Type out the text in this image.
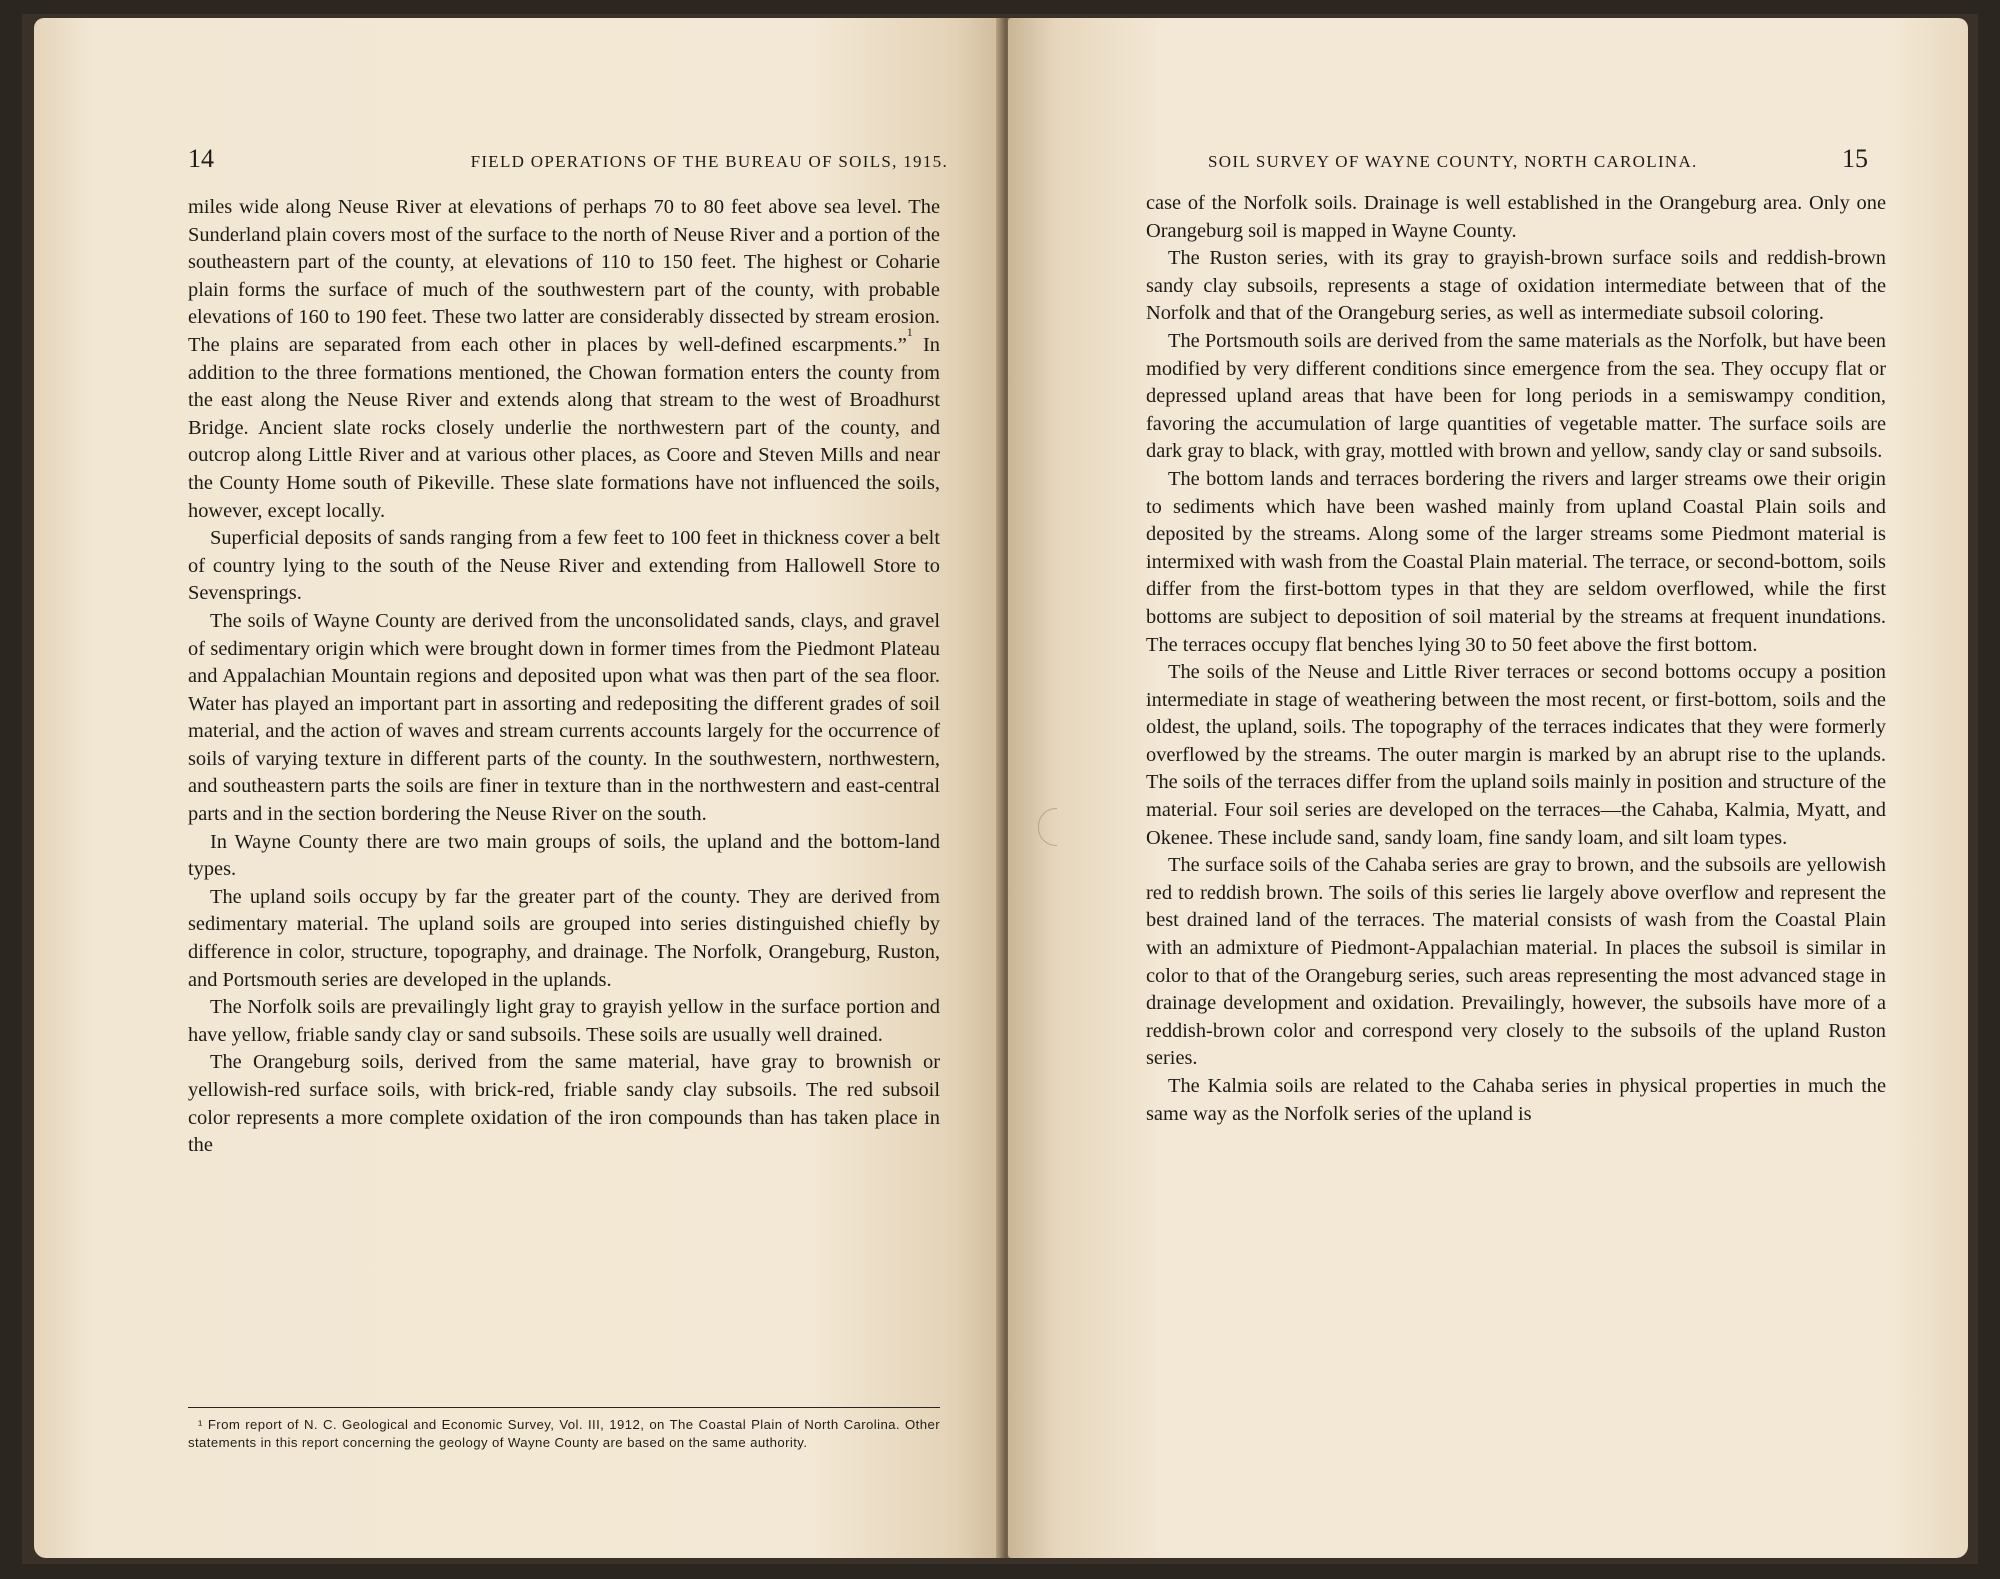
14	FIELD OPERATIONS OF THE BUREAU OF SOILS, 1915.

miles wide along Neuse River at elevations of perhaps 70 to 80 feet above sea level. The Sunderland plain covers most of the surface to the north of Neuse River and a portion of the southeastern part of the county, at elevations of 110 to 150 feet. The highest or Coharie plain forms the surface of much of the southwestern part of the county, with probable elevations of 160 to 190 feet. These two latter are considerably dissected by stream erosion. The plains are separated from each other in places by well-defined escarpments.”$^1$ In addition to the three formations mentioned, the Chowan formation enters the county from the east along the Neuse River and extends along that stream to the west of Broadhurst Bridge. Ancient slate rocks closely underlie the northwestern part of the county, and outcrop along Little River and at various other places, as Coore and Steven Mills and near the County Home south of Pikeville. These slate formations have not influenced the soils, however, except locally.

Superficial deposits of sands ranging from a few feet to 100 feet in thickness cover a belt of country lying to the south of the Neuse River and extending from Hallowell Store to Sevensprings.

The soils of Wayne County are derived from the unconsolidated sands, clays, and gravel of sedimentary origin which were brought down in former times from the Piedmont Plateau and Appalachian Mountain regions and deposited upon what was then part of the sea floor. Water has played an important part in assorting and redepositing the different grades of soil material, and the action of waves and stream currents accounts largely for the occurrence of soils of varying texture in different parts of the county. In the southwestern, northwestern, and southeastern parts the soils are finer in texture than in the northwestern and east-central parts and in the section bordering the Neuse River on the south.

In Wayne County there are two main groups of soils, the upland and the bottom-land types.

The upland soils occupy by far the greater part of the county. They are derived from sedimentary material. The upland soils are grouped into series distinguished chiefly by difference in color, structure, topography, and drainage. The Norfolk, Orangeburg, Ruston, and Portsmouth series are developed in the uplands.

The Norfolk soils are prevailingly light gray to grayish yellow in the surface portion and have yellow, friable sandy clay or sand subsoils. These soils are usually well drained.

The Orangeburg soils, derived from the same material, have gray to brownish or yellowish-red surface soils, with brick-red, friable sandy clay subsoils. The red subsoil color represents a more complete oxidation of the iron compounds than has taken place in the

¹ From report of N. C. Geological and Economic Survey, Vol. III, 1912, on The Coastal Plain of North Carolina. Other statements in this report concerning the geology of Wayne County are based on the same authority.

SOIL SURVEY OF WAYNE COUNTY, NORTH CAROLINA.	15

case of the Norfolk soils. Drainage is well established in the Orangeburg area. Only one Orangeburg soil is mapped in Wayne County.

The Ruston series, with its gray to grayish-brown surface soils and reddish-brown sandy clay subsoils, represents a stage of oxidation intermediate between that of the Norfolk and that of the Orangeburg series, as well as intermediate subsoil coloring.

The Portsmouth soils are derived from the same materials as the Norfolk, but have been modified by very different conditions since emergence from the sea. They occupy flat or depressed upland areas that have been for long periods in a semiswampy condition, favoring the accumulation of large quantities of vegetable matter. The surface soils are dark gray to black, with gray, mottled with brown and yellow, sandy clay or sand subsoils.

The bottom lands and terraces bordering the rivers and larger streams owe their origin to sediments which have been washed mainly from upland Coastal Plain soils and deposited by the streams. Along some of the larger streams some Piedmont material is intermixed with wash from the Coastal Plain material. The terrace, or second-bottom, soils differ from the first-bottom types in that they are seldom overflowed, while the first bottoms are subject to deposition of soil material by the streams at frequent inundations. The terraces occupy flat benches lying 30 to 50 feet above the first bottom.

The soils of the Neuse and Little River terraces or second bottoms occupy a position intermediate in stage of weathering between the most recent, or first-bottom, soils and the oldest, the upland, soils. The topography of the terraces indicates that they were formerly overflowed by the streams. The outer margin is marked by an abrupt rise to the uplands. The soils of the terraces differ from the upland soils mainly in position and structure of the material. Four soil series are developed on the terraces—the Cahaba, Kalmia, Myatt, and Okenee. These include sand, sandy loam, fine sandy loam, and silt loam types.

The surface soils of the Cahaba series are gray to brown, and the subsoils are yellowish red to reddish brown. The soils of this series lie largely above overflow and represent the best drained land of the terraces. The material consists of wash from the Coastal Plain with an admixture of Piedmont-Appalachian material. In places the subsoil is similar in color to that of the Orangeburg series, such areas representing the most advanced stage in drainage development and oxidation. Prevailingly, however, the subsoils have more of a reddish-brown color and correspond very closely to the subsoils of the upland Ruston series.

The Kalmia soils are related to the Cahaba series in physical properties in much the same way as the Norfolk series of the upland is
